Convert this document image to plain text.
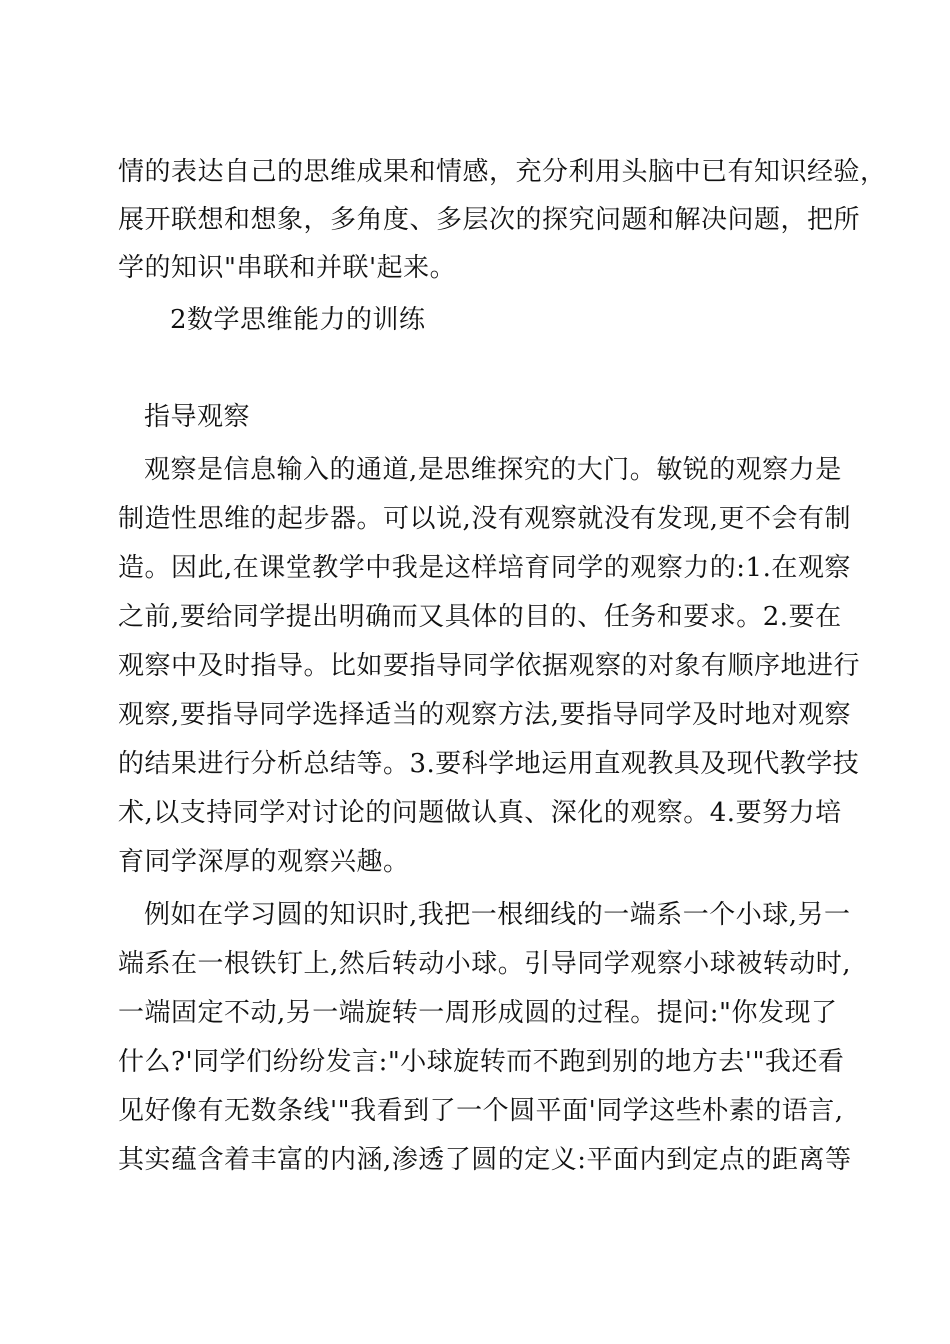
情的表达自己的思维成果和情感，充分利用头脑中已有知识经验，
展开联想和想象，多角度、多层次的探究问题和解决问题，把所
学的知识"串联和并联'起来。
2数学思维能力的训练
指导观察
观察是信息输入的通道,是思维探究的大门。敏锐的观察力是
制造性思维的起步器。可以说,没有观察就没有发现,更不会有制
造。因此,在课堂教学中我是这样培育同学的观察力的:1.在观察
之前,要给同学提出明确而又具体的目的、任务和要求。2.要在
观察中及时指导。比如要指导同学依据观察的对象有顺序地进行
观察,要指导同学选择适当的观察方法,要指导同学及时地对观察
的结果进行分析总结等。3.要科学地运用直观教具及现代教学技
术,以支持同学对讨论的问题做认真、深化的观察。4.要努力培
育同学深厚的观察兴趣。
例如在学习圆的知识时,我把一根细线的一端系一个小球,另一
端系在一根铁钉上,然后转动小球。引导同学观察小球被转动时,
一端固定不动,另一端旋转一周形成圆的过程。提问:"你发现了
什么?'同学们纷纷发言:"小球旋转而不跑到别的地方去'"我还看
见好像有无数条线'"我看到了一个圆平面'同学这些朴素的语言,
其实蕴含着丰富的内涵,渗透了圆的定义:平面内到定点的距离等
